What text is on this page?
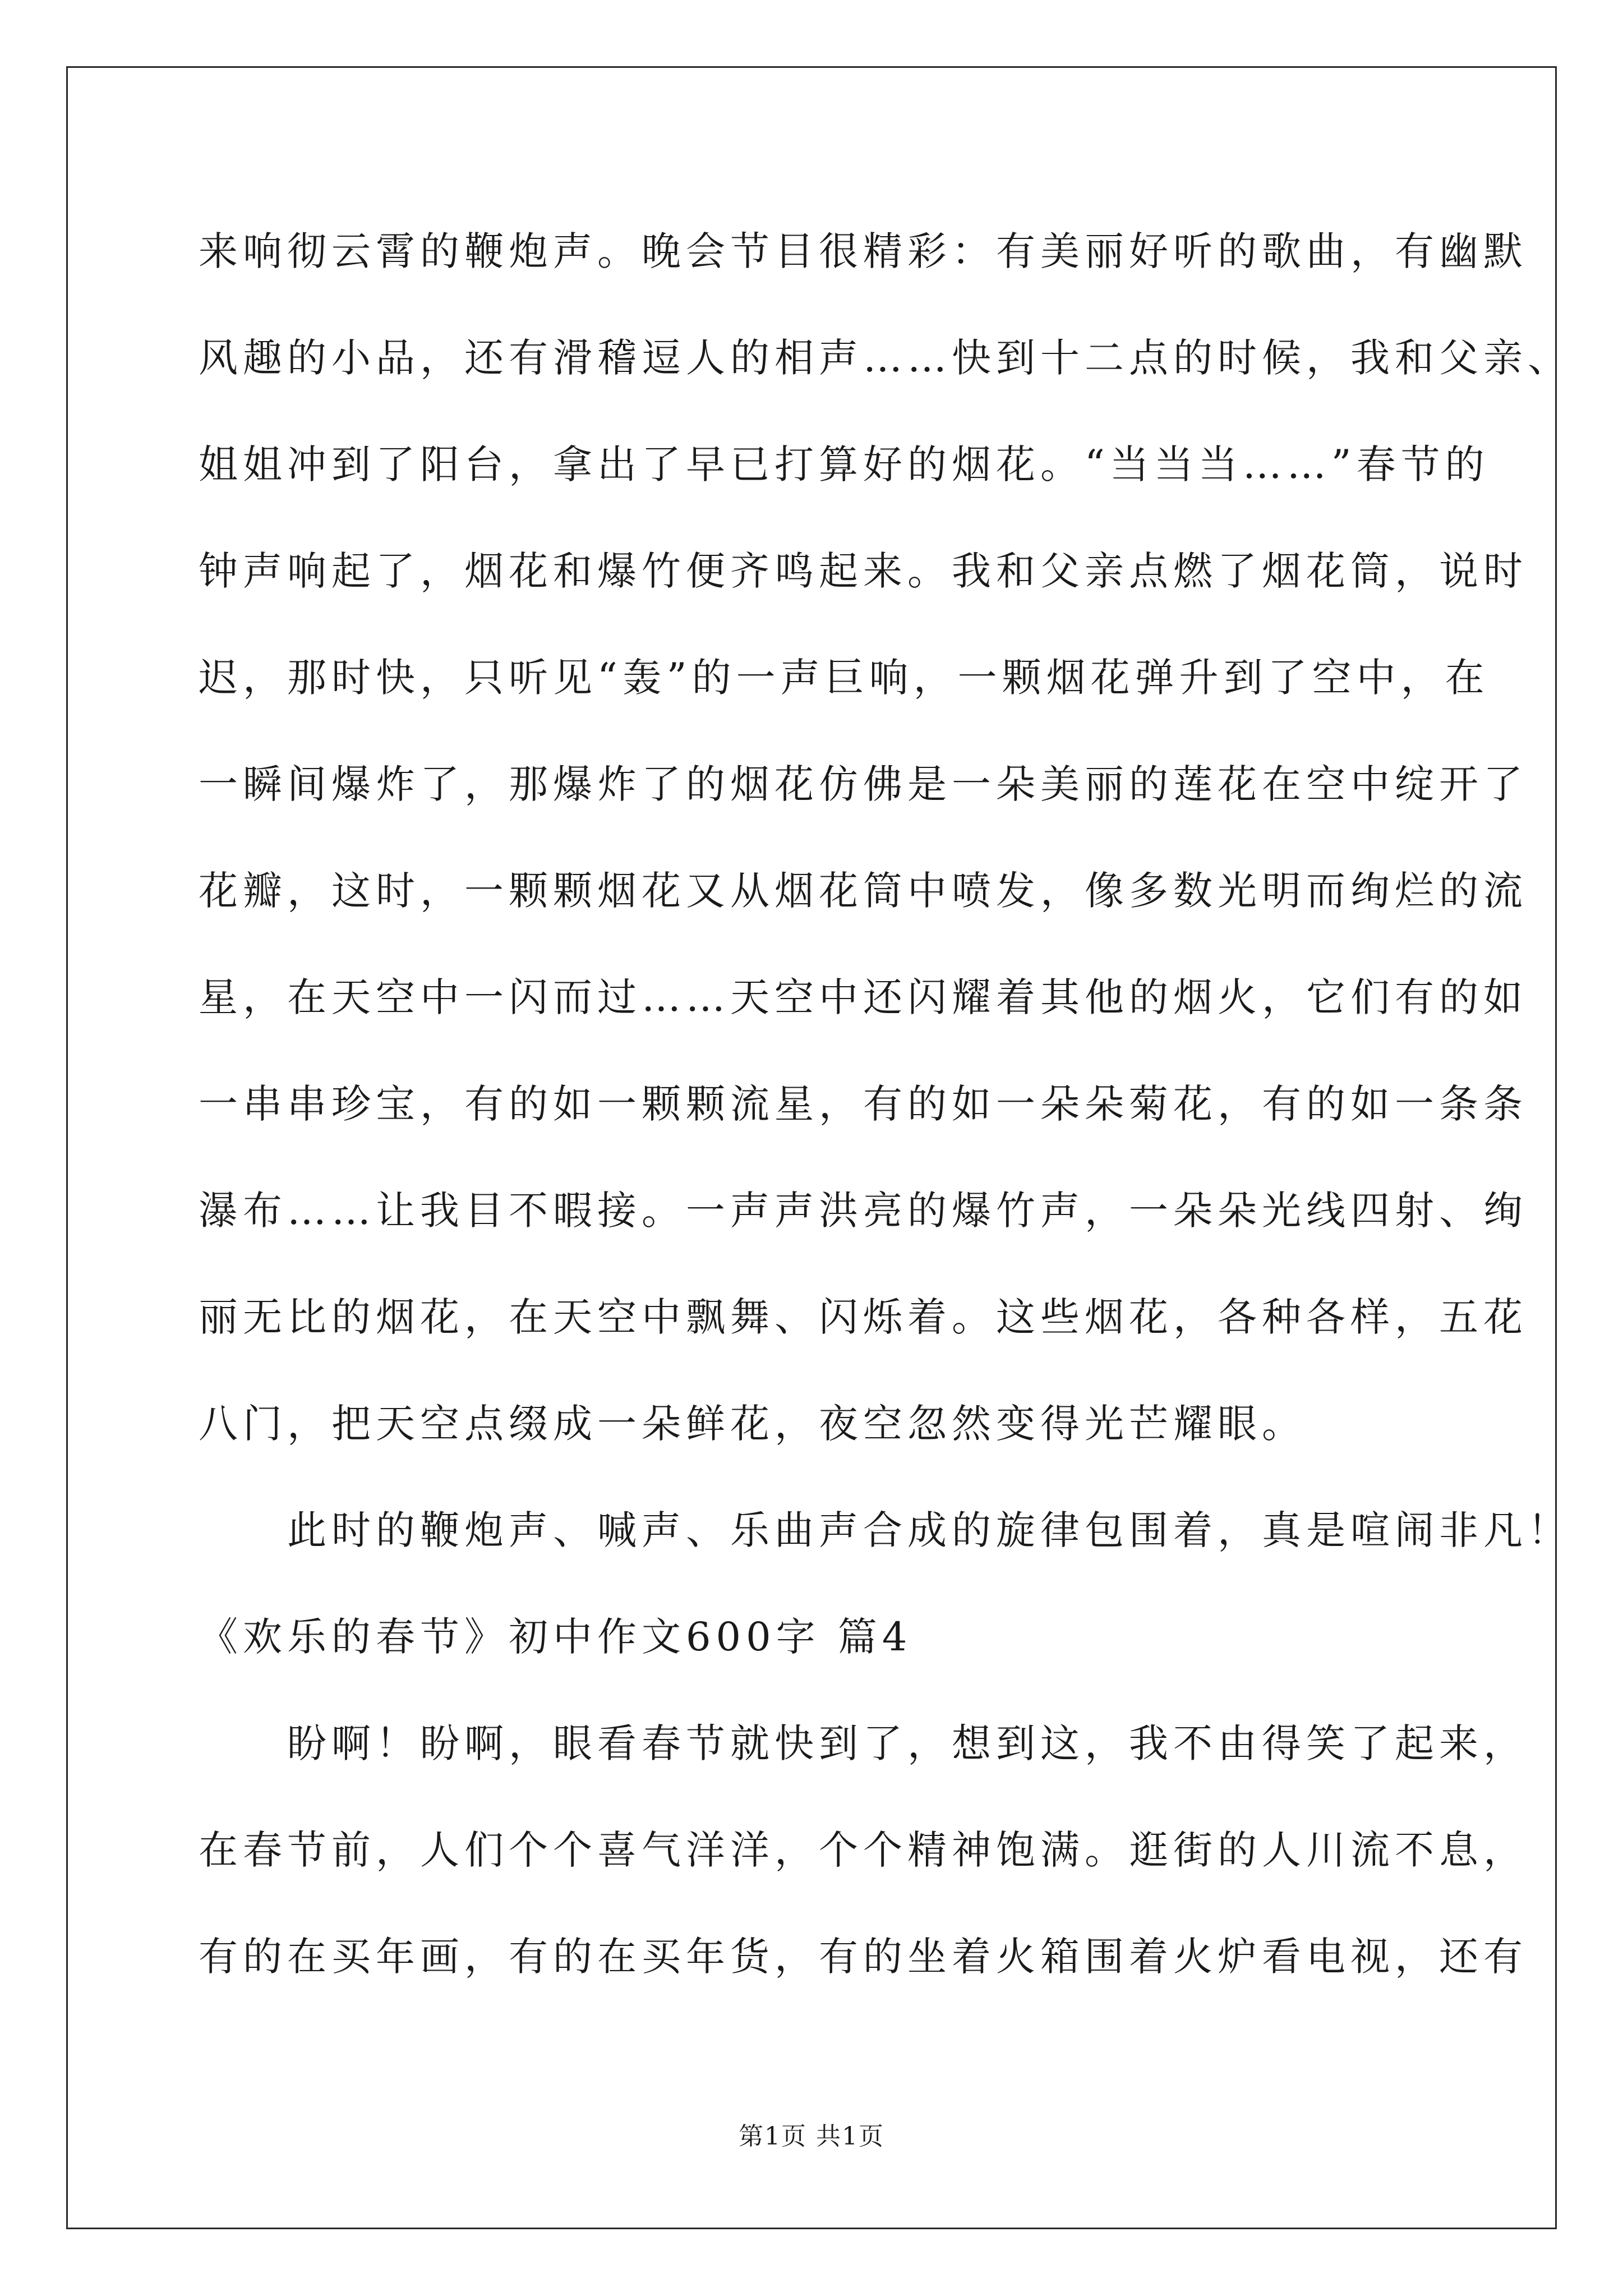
来响彻云霄的鞭炮声。晚会节目很精彩：有美丽好听的歌曲，有幽默
风趣的小品，还有滑稽逗人的相声……快到十二点的时候，我和父亲、
姐姐冲到了阳台，拿出了早已打算好的烟花。“当当当……”春节的
钟声响起了，烟花和爆竹便齐鸣起来。我和父亲点燃了烟花筒，说时
迟，那时快，只听见“轰”的一声巨响，一颗烟花弹升到了空中，在
一瞬间爆炸了，那爆炸了的烟花仿佛是一朵美丽的莲花在空中绽开了
花瓣，这时，一颗颗烟花又从烟花筒中喷发，像多数光明而绚烂的流
星，在天空中一闪而过……天空中还闪耀着其他的烟火，它们有的如
一串串珍宝，有的如一颗颗流星，有的如一朵朵菊花，有的如一条条
瀑布……让我目不暇接。一声声洪亮的爆竹声，一朵朵光线四射、绚
丽无比的烟花，在天空中飘舞、闪烁着。这些烟花，各种各样，五花
八门，把天空点缀成一朵鲜花，夜空忽然变得光芒耀眼。
　　此时的鞭炮声、喊声、乐曲声合成的旋律包围着，真是喧闹非凡！
《欢乐的春节》初中作文600字 篇4
　　盼啊！盼啊，眼看春节就快到了，想到这，我不由得笑了起来，
在春节前，人们个个喜气洋洋，个个精神饱满。逛街的人川流不息，
有的在买年画，有的在买年货，有的坐着火箱围着火炉看电视，还有
第1页 共1页
